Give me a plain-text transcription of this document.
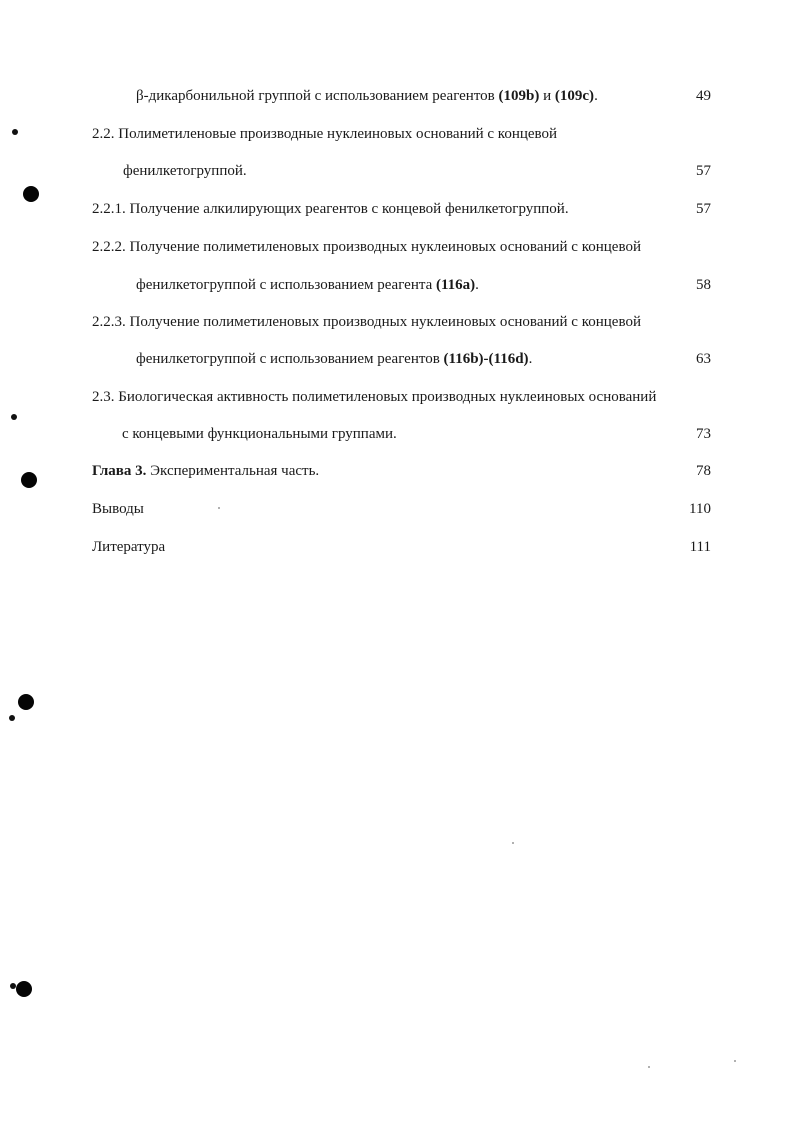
β-дикарбонильной группой с использованием реагентов (109b) и (109c).	49
2.2. Полиметиленовые производные нуклеиновых оснований с концевой
фенилкетогруппой.	57
2.2.1. Получение алкилирующих реагентов с концевой фенилкетогруппой.	57
2.2.2. Получение полиметиленовых производных нуклеиновых оснований с концевой
фенилкетогруппой с использованием реагента (116a).	58
2.2.3. Получение полиметиленовых производных нуклеиновых оснований с концевой
фенилкетогруппой с использованием реагентов (116b)-(116d).	63
2.3. Биологическая активность полиметиленовых производных нуклеиновых оснований
с концевыми функциональными группами.	73
Глава 3. Экспериментальная часть.	78
Выводы	110
Литература	111
